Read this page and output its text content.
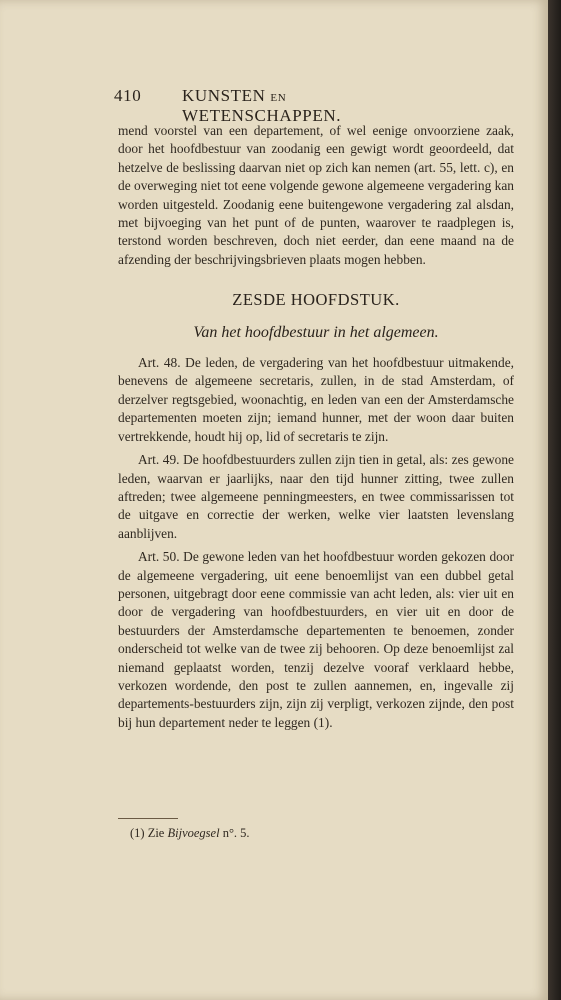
410 KUNSTEN EN WETENSCHAPPEN.

mend voorstel van een departement, of wel eenige onvoorziene zaak, door het hoofdbestuur van zoodanig een gewigt wordt geoordeeld, dat hetzelve de beslissing daarvan niet op zich kan nemen (art. 55, lett. c), en de overweging niet tot eene volgende gewone algemeene vergadering kan worden uitgesteld. Zoodanig eene buitengewone vergadering zal alsdan, met bijvoeging van het punt of de punten, waarover te raadplegen is, terstond worden beschreven, doch niet eerder, dan eene maand na de afzending der beschrijvingsbrieven plaats mogen hebben.

ZESDE HOOFDSTUK.
Van het hoofdbestuur in het algemeen.

Art. 48. De leden, de vergadering van het hoofdbestuur uitmakende, benevens de algemeene secretaris, zullen, in de stad Amsterdam, of derzelver regtsgebied, woonachtig, en leden van een der Amsterdamsche departementen moeten zijn; iemand hunner, met der woon daar buiten vertrekkende, houdt hij op, lid of secretaris te zijn.

Art. 49. De hoofdbestuurders zullen zijn tien in getal, als: zes gewone leden, waarvan er jaarlijks, naar den tijd hunner zitting, twee zullen aftreden; twee algemeene penningmeesters, en twee commissarissen tot de uitgave en correctie der werken, welke vier laatsten levenslang aanblijven.

Art. 50. De gewone leden van het hoofdbestuur worden gekozen door de algemeene vergadering, uit eene benoemlijst van een dubbel getal personen, uitgebragt door eene commissie van acht leden, als: vier uit en door de vergadering van hoofdbestuurders, en vier uit en door de bestuurders der Amsterdamsche departementen te benoemen, zonder onderscheid tot welke van de twee zij behooren. Op deze benoemlijst zal niemand geplaatst worden, tenzij dezelve vooraf verklaard hebbe, verkozen wordende, den post te zullen aannemen, en, ingevalle zij departements-bestuurders zijn, zijn zij verpligt, verkozen zijnde, den post bij hun departement neder te leggen (1).

(1) Zie Bijvoegsel n°. 5.
